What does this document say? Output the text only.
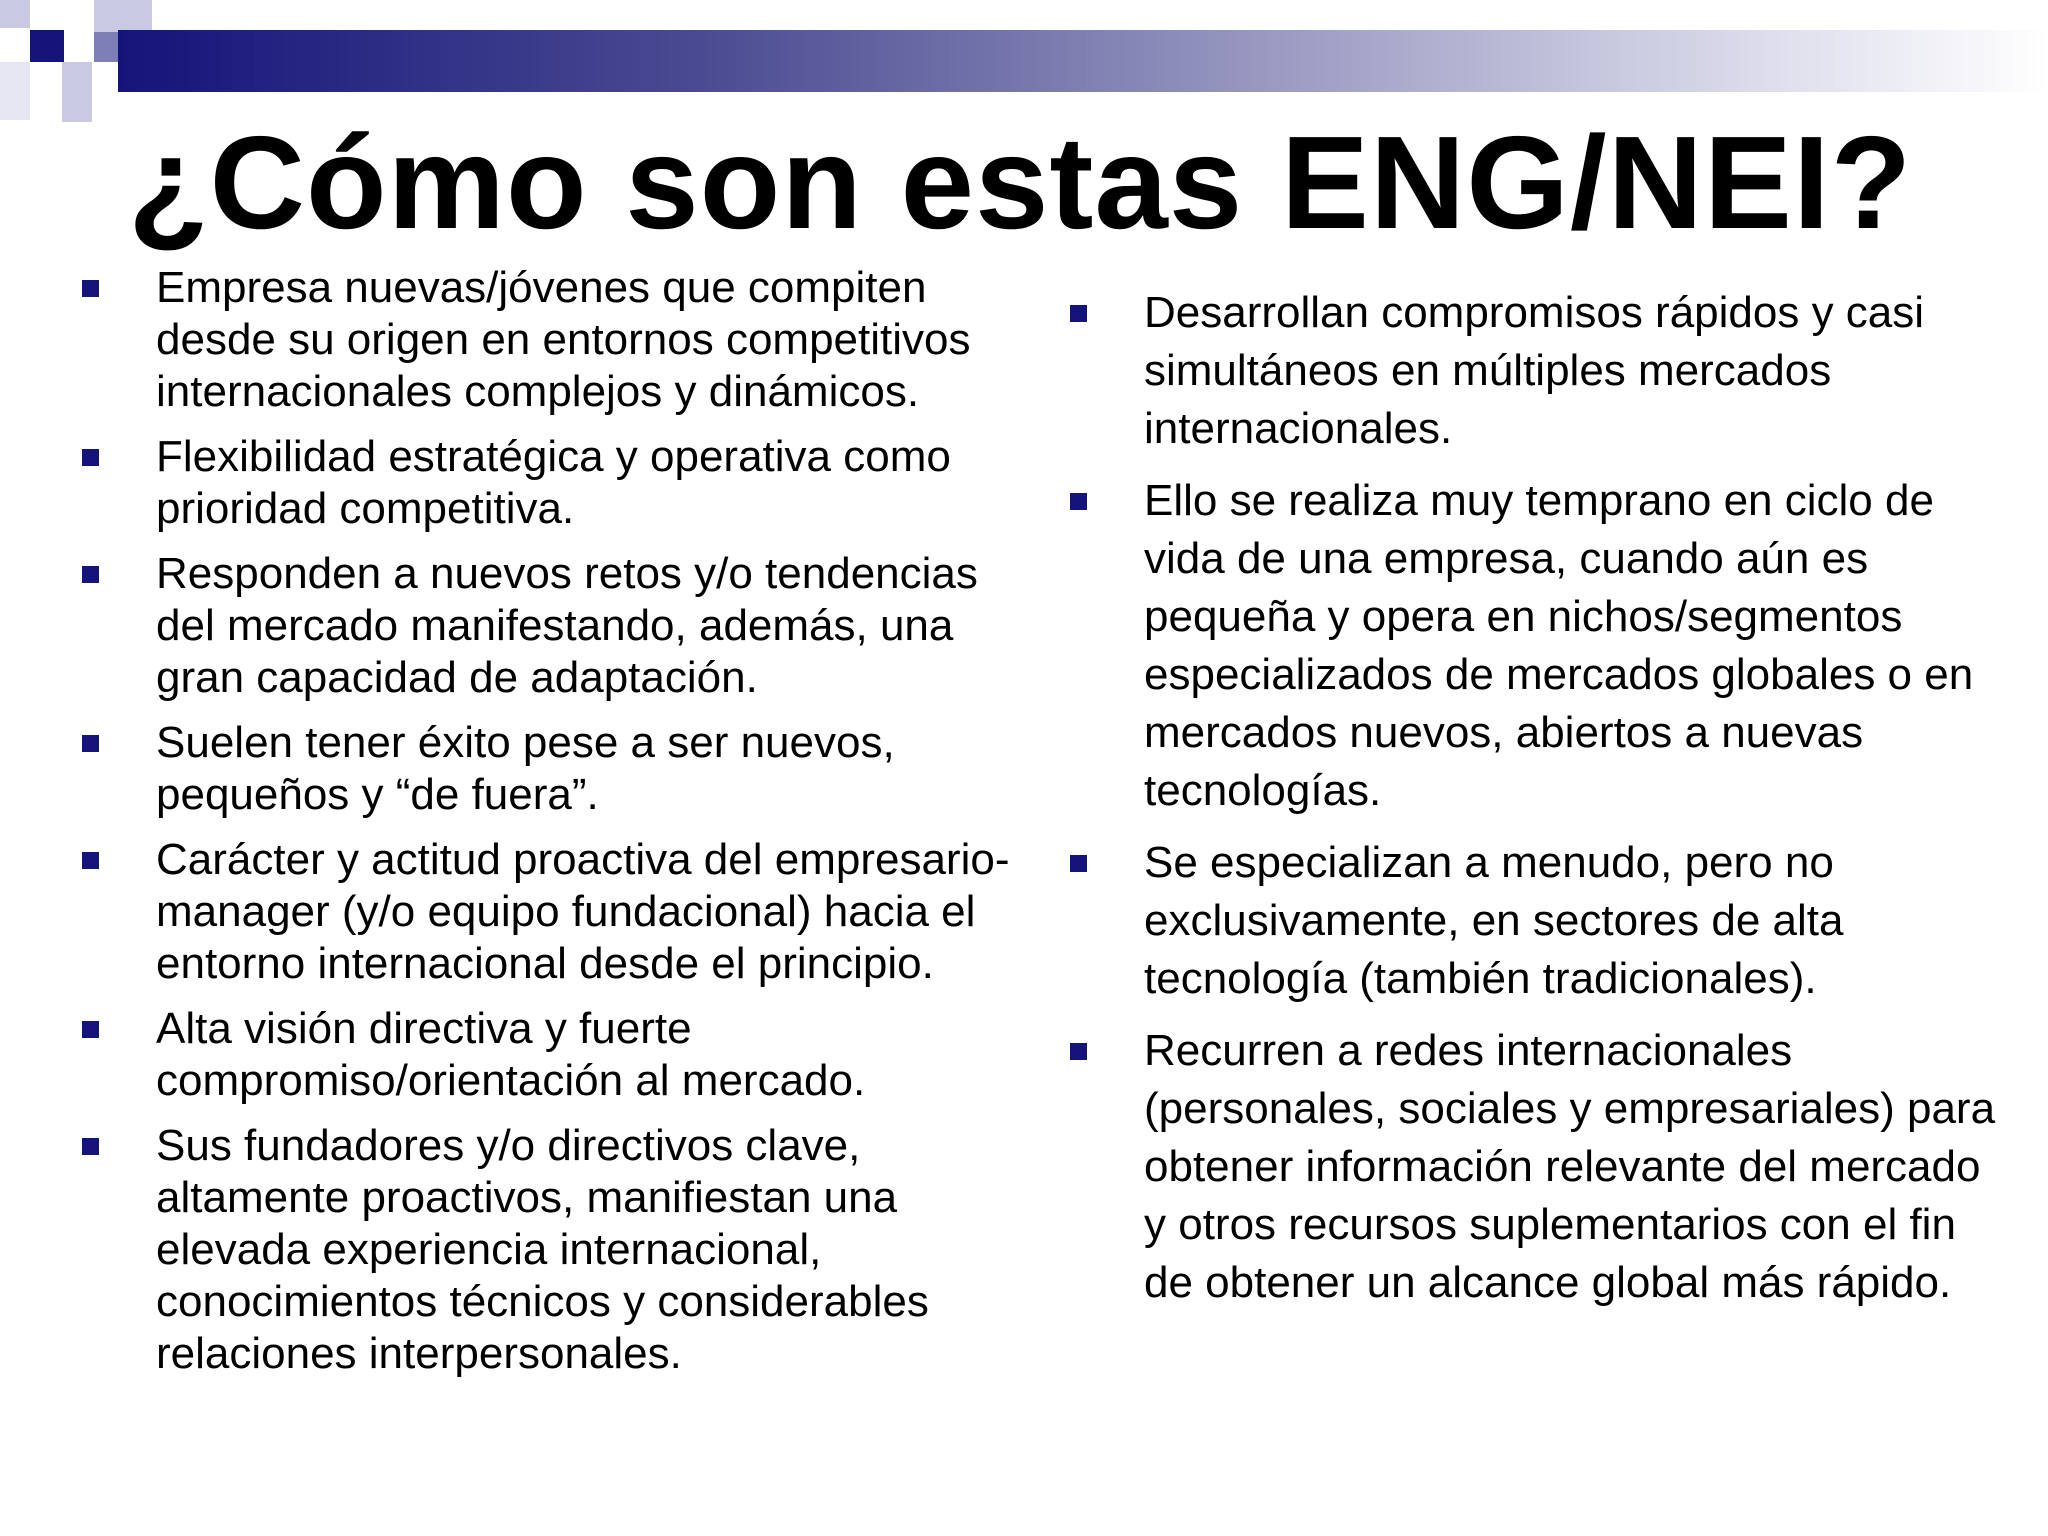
¿Cómo son estas ENG/NEI?
Empresa nuevas/jóvenes que compiten desde su origen en entornos competitivos internacionales complejos y dinámicos.
Flexibilidad estratégica y operativa como prioridad competitiva.
Responden a nuevos retos y/o tendencias del mercado manifestando, además, una gran capacidad de adaptación.
Suelen tener éxito pese a ser nuevos, pequeños y “de fuera”.
Carácter y actitud proactiva del empresario-manager (y/o equipo fundacional) hacia el entorno internacional desde el principio.
Alta visión directiva y fuerte compromiso/orientación al mercado.
Sus fundadores y/o directivos clave, altamente proactivos, manifiestan una elevada experiencia internacional, conocimientos técnicos y considerables relaciones interpersonales.
Desarrollan compromisos rápidos y casi simultáneos en múltiples mercados internacionales.
Ello se realiza muy temprano en ciclo de vida de una empresa, cuando aún es pequeña y opera en nichos/segmentos especializados de mercados globales o en mercados nuevos, abiertos a nuevas tecnologías.
Se especializan a menudo, pero no exclusivamente, en sectores de alta tecnología (también tradicionales).
Recurren a redes internacionales (personales, sociales y empresariales) para obtener información relevante del mercado y otros recursos suplementarios con el fin de obtener un alcance global más rápido.
